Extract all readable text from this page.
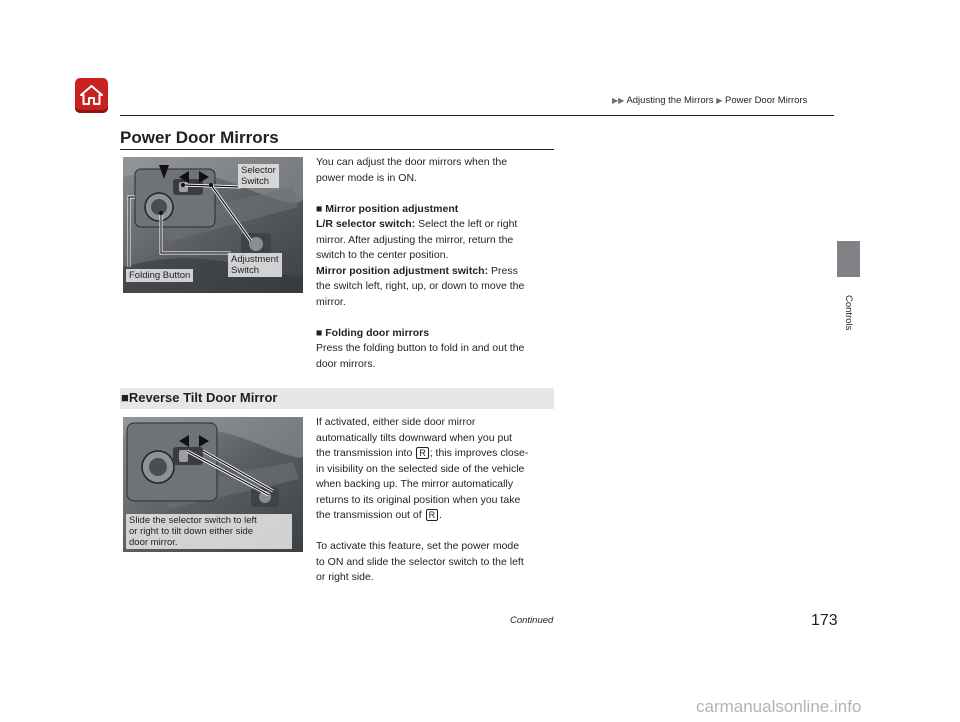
▶▶ Adjusting the Mirrors ▶ Power Door Mirrors
Power Door Mirrors
Controls
Selector
Switch
Adjustment
Switch
Folding Button
You can adjust the door mirrors when the
power mode is in ON.
■ Mirror position adjustment
L/R selector switch: Select the left or right
mirror. After adjusting the mirror, return the
switch to the center position.
Mirror position adjustment switch: Press
the switch left, right, up, or down to move the
mirror.
■ Folding door mirrors
Press the folding button to fold in and out the
door mirrors.
■Reverse Tilt Door Mirror
Slide the selector switch to left
or right to tilt down either side
door mirror.
If activated, either side door mirror
automatically tilts downward when you put
the transmission into R ; this improves close-
in visibility on the selected side of the vehicle
when backing up. The mirror automatically
returns to its original position when you take
the transmission out of R .
To activate this feature, set the power mode
to ON and slide the selector switch to the left
or right side.
Continued	173
carmanualsonline.info
